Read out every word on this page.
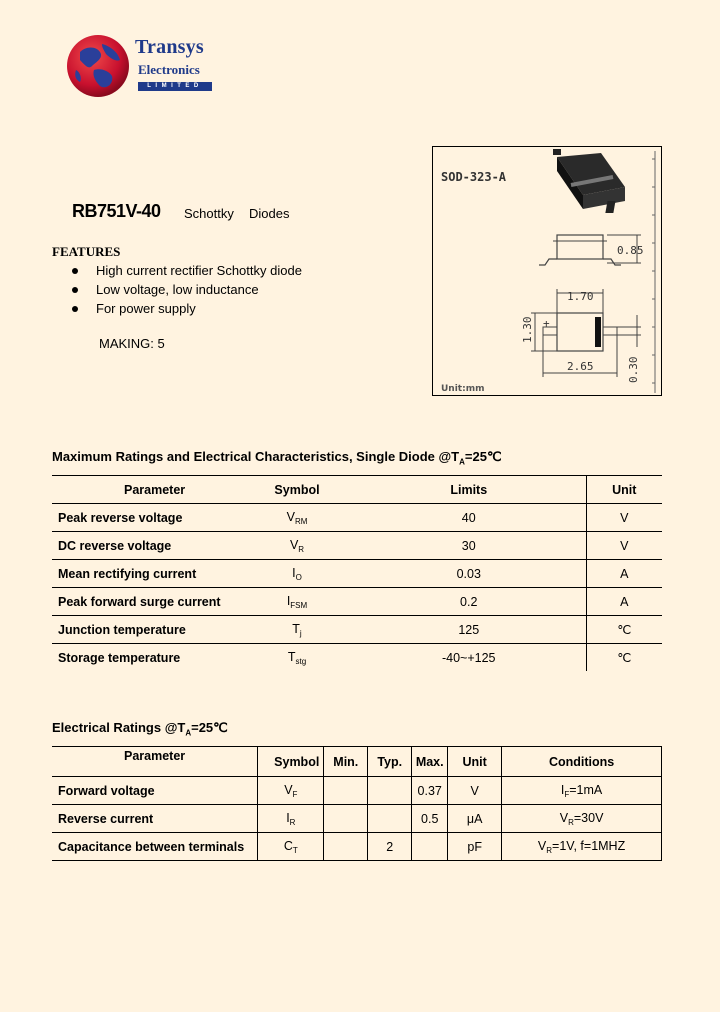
Transys
Electronics
LIMITED
RB751V-40 Schottky Diodes
FEATURES
High current rectifier Schottky diode
Low voltage, low inductance
For power supply
MAKING: 5
SOD-323-A
0.85
1.70
+
1.30
2.65	0.30
Unit:mm
Maximum Ratings and Electrical Characteristics, Single Diode $@T_A=25℃$
Parameter	Symbol	Limits	Unit
Peak reverse voltage	$V_{RM}$	40	V
DC reverse voltage	$V_R$	30	V
Mean rectifying current	$I_O$	0.03	A
Peak forward surge current	$I_{FSM}$	0.2	A
Junction temperature	$T_j$	125	℃
Storage temperature	$T_{stg}$	-40~+125	℃
Electrical Ratings $@T_A=25℃$
Parameter	Symbol	Min.	Typ.	Max.	Unit	Conditions
Forward voltage	$V_F$			0.37	V	$I_F=1mA$
Reverse current	$I_R$			0.5	μA	$V_R=30V$
Capacitance between terminals	$C_T$		2		pF	$V_R=1V$, f=1MHZ
